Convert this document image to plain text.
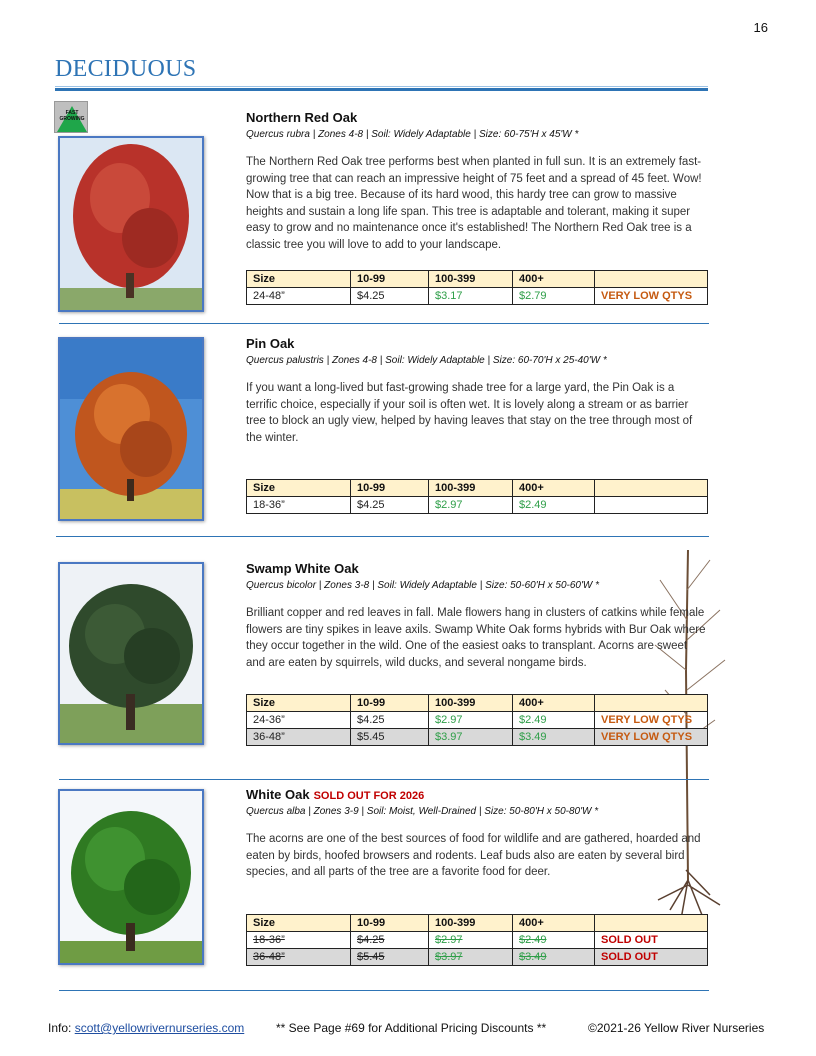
16
DECIDUOUS
FAST GROWING	Northern Red Oak
Quercus rubra | Zones 4-8 | Soil: Widely Adaptable | Size: 60-75'H x 45'W *
The Northern Red Oak tree performs best when planted in full sun. It is an extremely fast-growing tree that can reach an impressive height of 75 feet and a spread of 45 feet. Wow! Now that is a big tree. Because of its hard wood, this hardy tree can grow to massive heights and sustain a long life span. This tree is adaptable and tolerant, making it super easy to grow and no maintenance once it's established! The Northern Red Oak tree is a classic tree you will love to add to your landscape.
Size	10-99	100-399	400+	
24-48”	$4.25	$3.17	$2.79	VERY LOW QTYS
Pin Oak
Quercus palustris | Zones 4-8 | Soil: Widely Adaptable | Size: 60-70'H x 25-40'W *
If you want a long-lived but fast-growing shade tree for a large yard, the Pin Oak is a terrific choice, especially if your soil is often wet. It is lovely along a stream or as barrier tree to block an ugly view, helped by having leaves that stay on the tree through most of the winter.
Size	10-99	100-399	400+	
18-36”	$4.25	$2.97	$2.49	
Swamp White Oak
Quercus bicolor | Zones 3-8 | Soil: Widely Adaptable | Size: 50-60'H x 50-60'W *
Brilliant copper and red leaves in fall. Male flowers hang in clusters of catkins while female flowers are tiny spikes in leave axils. Swamp White Oak forms hybrids with Bur Oak where they occur together in the wild. One of the easiest oaks to transplant. Acorns are sweet and are eaten by squirrels, wild ducks, and several nongame birds.
Size	10-99	100-399	400+	
24-36”	$4.25	$2.97	$2.49	VERY LOW QTYS
36-48”	$5.45	$3.97	$3.49	VERY LOW QTYS
White Oak SOLD OUT FOR 2026
Quercus alba | Zones 3-9 | Soil: Moist, Well-Drained | Size: 50-80'H x 50-80'W *
The acorns are one of the best sources of food for wildlife and are gathered, hoarded and eaten by birds, hoofed browsers and rodents. Leaf buds also are eaten by several bird species, and all parts of the tree are a favorite food for deer.
Size	10-99	100-399	400+	
18-36”	$4.25	$2.97	$2.49	SOLD OUT
36-48”	$5.45	$3.97	$3.49	SOLD OUT
Info: scott@yellowrivernurseries.com	** See Page #69 for Additional Pricing Discounts **	©2021-26 Yellow River Nurseries
